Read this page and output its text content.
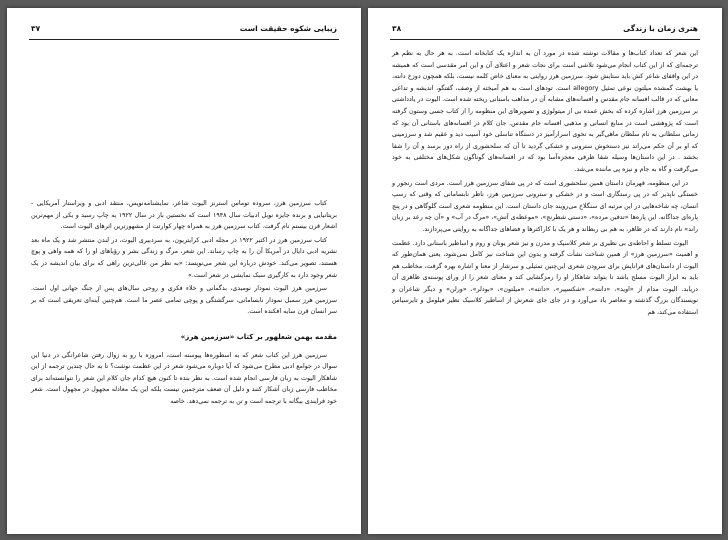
زیبایی شکوه حقیقت است
۳۷

کتاب سرزمین هرز، سروده توماس استرنز الیوت شاعر، نمایشنامه‌نویس، منتقد ادبی و ویراستار آمریکایی - بریتانیایی و برنده جایزه نوبل ادبیات سال ۱۹۴۸ است که نخستین بار در سال ۱۹۲۲ به چاپ رسید و یکی از مهم‌ترین اشعار قرن بیستم نام گرفت. کتاب سرزمین هرز به همراه چهار کوارتت از مشهورترین اثرهای الیوت است.

کتاب سرزمین هرز در اکتبر ۱۹۲۲ در مجله ادبی کرایتریون، به سردبیری الیوت، در لندن منتشر شد و یک ماه بعد نشریه ادبی دایال در آمریکا آن را به چاپ رساند. این شعر، مرگ و زندگی بشر و رؤیاهای او را که همه واهی و پوچ هستند، تصویر می‌کند. خودش درباره این شعر می‌نویسد: «به نظر من عالی‌ترین راهی که برای بیان اندیشه در یک شعر وجود دارد به کارگیری سبک نمایشی در شعر است.»

سرزمین هرز الیوت نمودار نومیدی، بدگمانی و خلاء فکری و روحی سال‌های پس از جنگ جهانی اول است. سرزمین هرز سمبل نمودار نابسامانی، سرگشتگی و پوچی تمامی عصر ما است. هم‌چنین آینه‌ای تعریفی است که بر سر انسان قرن سایه افکنده است.

مقدمه بهمن شعلهور بر کتاب «سرزمین هرز»

سرزمین هرز این کتاب شعر که به اسطوره‌ها پیوسته است، امروزه با رو به زوال رفتن شاعرانگی در دنیا این سوال در جوامع ادبی مطرح می‌شود که آیا دوباره می‌شود شعر در این عظمت نوشت؟ تا به حال چندین ترجمه از این شاهکار الیوت به زبان فارسی انجام شده است. به نظر بنده تا کنون هیچ کدام جان کلام این شعر را نتوانسته‌اند برای مخاطب فارسی زبان آشکار کنند و دلیل آن ضعف مترجمین نیست بلکه این یک معادله مجهول در مجهول است. شعر خود فرایندی بیگانه با ترجمه است و تن به ترجمه نمی‌دهد. خاصه

هنری زمان با زندگی
۳۸

این شعر که تعداد کتاب‌ها و مقالات نوشته شده در مورد آن به اندازه یک کتابخانه است. به هر حال به نظم هر ترجمه‌ای که از این کتاب انجام می‌شود تلاشی است برای نجات شعر و اعتلای آن و این امر مقدسی است که همیشه در این واقفای شاعر کش باید ستایش شود. سرزمین هرز روایتی به معنای خاص کلمه نیست، بلکه همچون دوزخ دانته، یا بهشت گمشده میلتون نوعی تمثیل allegory است. تودهای است به هم آمیخته از وصف، گفتگو، اندیشه و تداعی معانی که در قالب افسانه جام مقدس و افسانه‌های مشابه آن در مذاهب باستانی ریخته شده است. الیوت در یادداشتی بر سرزمین هرز اشاره کرده که بخش عمده بی از میتولوژی و تصویرهای این منظومه را از کتاب جسی وستون گرفته است که پژوهشی است در منابع انسانی و مذهبی افسانه جام مقدس. جان کلام در افسانه‌های باستانی آن بود که زمانی سلطانی به نام سلطان ماهی‌گیر به نحوی اسرارآمیز در دستگاه تناسلی خود آسیب دید و عقیم شد و سرزمینی که او بر آن حکم می‌راند نیز دستخوش سترونی و خشکی گردید تا آن که سلحشوری از راه دور برسد و آن را شفا بخشد . در این داستان‌ها وسیله شفا ظرفی معجزه‌آسا بود که در افسانه‌های گوناگون شکل‌های مختلفی به خود می‌گرفت و گاه به جام و نیزه پی ماننده می‌شد.

در این منظومه، قهرمان داستان همین سلحشوری است که در پی شفای سرزمین هرز است. مردی است رنجور و خستگی ناپذیر که در پی رستگاری است و در خشکی و سترونی سرزمین هرز، ناظر نابسامانی که وقتی که رسپ انسان، چه شاخه‌هایی در این مرتبه ای سنگلاخ می‌رویند جان داستان است. این منظومه شعری است گلوگاهی و در پنج پاره‌ای جداگانه. این پاره‌ها «تدفین مرده»، «دستی شطرنج»، «موعظه‌ی آتش»، «مرگ در آب» و «آن چه رعد بر زبان راند» نام دارند که در ظاهر، به هم بی ربطاند و هر یک با کاراکترها و فضاهای جداگانه به روایتی می‌پردازند.

الیوت تسلط و احاطه‌ی بی نظیری بر شعر کلاسیک و مدرن و نیز شعر یونان و روم و اساطیر باستانی دارد. عظمت و اهمیت «سرزمین هرز» از همین شناخت نشأت گرفته و بدون این شناخت نیز کامل نمی‌شود، یعنی همان‌طور که الیوت از داستان‌های فرانایش برای سرودن شعری این‌چنین تمثیلی و سرشار از معنا و اشاره بهره گرفت، مخاطب هم باید به ابزار الیوت مسلح باشد تا بتواند شاهکار او را رمزگشایی کند و معنای شعر را از ورای پوسته‌ی ظاهری آن دریابد. الیوت مدام از «اوید»، «دانته»، «شکسپیر»، «دانته»، «میلتون»، «بودلر»، «ورلن» و دیگر شاعران و نویسندگان بزرگ گذشته و معاصر یاد می‌آورد و در جای جای شعرش از اساطیر کلاسیک نظیر فیلومل و تایرسیاس استفاده می‌کند، هم
